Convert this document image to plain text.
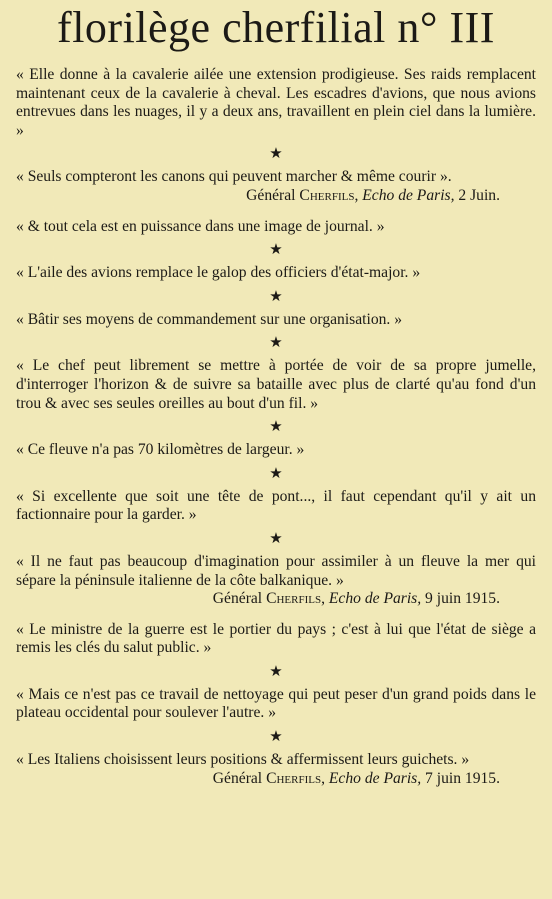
florilège cherfilial n° III

« Elle donne à la cavalerie ailée une extension prodigieuse. Ses raids remplacent maintenant ceux de la cavalerie à cheval. Les escadres d'avions, que nous avions entrevues dans les nuages, il y a deux ans, travaillent en plein ciel dans la lumière. »

★

« Seuls compteront les canons qui peuvent marcher & même courir ».

Général Cherfils, Echo de Paris, 2 Juin.

« & tout cela est en puissance dans une image de journal. »

★

« L'aile des avions remplace le galop des officiers d'état-major. »

★

« Bâtir ses moyens de commandement sur une organisation. »

★

« Le chef peut librement se mettre à portée de voir de sa propre jumelle, d'interroger l'horizon & de suivre sa bataille avec plus de clarté qu'au fond d'un trou & avec ses seules oreilles au bout d'un fil. »

★

« Ce fleuve n'a pas 70 kilomètres de largeur. »

★

« Si excellente que soit une tête de pont..., il faut cependant qu'il y ait un factionnaire pour la garder. »

★

« Il ne faut pas beaucoup d'imagination pour assimiler à un fleuve la mer qui sépare la péninsule italienne de la côte balkanique. »

Général Cherfils, Echo de Paris, 9 juin 1915.

« Le ministre de la guerre est le portier du pays ; c'est à lui que l'état de siège a remis les clés du salut public. »

★

« Mais ce n'est pas ce travail de nettoyage qui peut peser d'un grand poids dans le plateau occidental pour soulever l'autre. »

★

« Les Italiens choisissent leurs positions & affermissent leurs guichets. »

Général Cherfils, Echo de Paris, 7 juin 1915.
